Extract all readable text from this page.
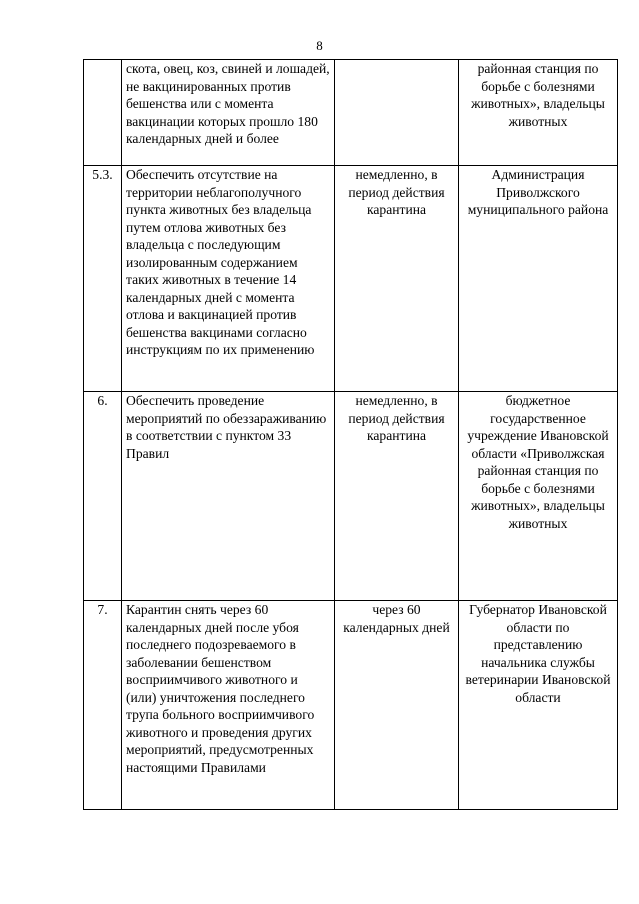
8
	скота, овец, коз, свиней и лошадей, не вакцинированных против бешенства или с момента вакцинации которых прошло 180 календарных дней и более		районная станция по борьбе с болезнями животных», владельцы животных
5.3.	Обеспечить отсутствие на территории неблагополучного пункта животных без владельца путем отлова животных без владельца с последующим изолированным содержанием таких животных в течение 14 календарных дней с момента отлова и вакцинацией против бешенства вакцинами согласно инструкциям по их применению	немедленно, в период действия карантина	Администрация Приволжского муниципального района
6.	Обеспечить проведение мероприятий по обеззараживанию в соответствии с пунктом 33 Правил	немедленно, в период действия карантина	бюджетное государственное учреждение Ивановской области «Приволжская районная станция по борьбе с болезнями животных», владельцы животных
7.	Карантин снять через 60 календарных дней после убоя последнего подозреваемого в заболевании бешенством восприимчивого животного и (или) уничтожения последнего трупа больного восприимчивого животного и проведения других мероприятий, предусмотренных настоящими Правилами	через 60 календарных дней	Губернатор Ивановской области по представлению начальника службы ветеринарии Ивановской области
